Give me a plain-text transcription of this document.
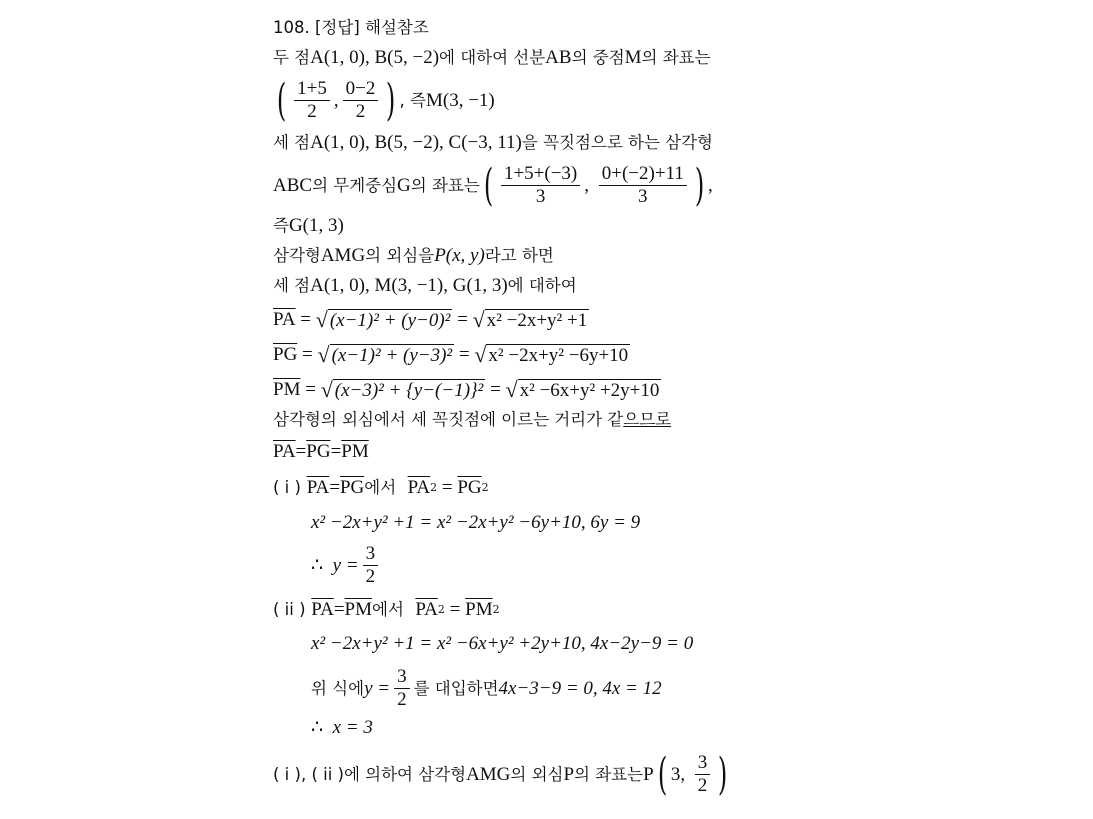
108.
[정답] 해설참조
두 점 A(1, 0), B(5, −2) 에 대하여 선분 AB 의 중점 M 의 좌표는
( $\frac{1+5}{2}$ , $\frac{0-2}{2}$ ) , 즉 M(3, −1)
세 점 A(1, 0), B(5, −2), C(−3, 11) 을 꼭짓점으로 하는 삼각형
ABC 의 무게중심 G 의 좌표는 ( $\frac{1+5+(-3)}{3}$ ,
$\frac{0+(-2)+11}{3}$ ) ,
즉 G(1, 3)
삼각형 AMG 의 외심을 P(x, y) 라고 하면
세 점 A(1, 0), M(3, −1), G(1, 3) 에 대하여
$\overline{PA}$ = √ (x−1)² + (y−0)² = √ x² −2x+y² +1
$\overline{PG}$ = √ (x−1)² + (y−3)² = √ x² −2x+y² −6y+10
$\overline{PM}$ = √ (x−3)² + {y−(−1)}² = √ x² −6x+y² +2y+10
삼각형의 외심에서 세 꼭짓점에 이르는 거리가 같 으므로
$\overline{PA} = \overline{PG} = \overline{PM}$
( i )
$\overline{PA} = \overline{PG}$ 에서
$\overline{PA}$ $2 = \overline{PG}$ 2
x² −2x+y² +1 = x² −2x+y² −6y+10, 6y = 9
∴
$y = \frac{3}{2}$
( ii )
$\overline{PA} = \overline{PM}$ 에서
$\overline{PA}$ $2 = \overline{PM}$ 2
x² −2x+y² +1 = x² −6x+y² +2y+10, 4x−2y−9 = 0
위 식에 $y = \frac{3}{2}$ 를 대입하면 4x−3−9 = 0, 4x = 12
∴
x = 3
( i ), ( ii ) 에 의하여 삼각형 AMG 의 외심 P 의 좌표는 P ( 3,
$\frac{3}{2}$ )
